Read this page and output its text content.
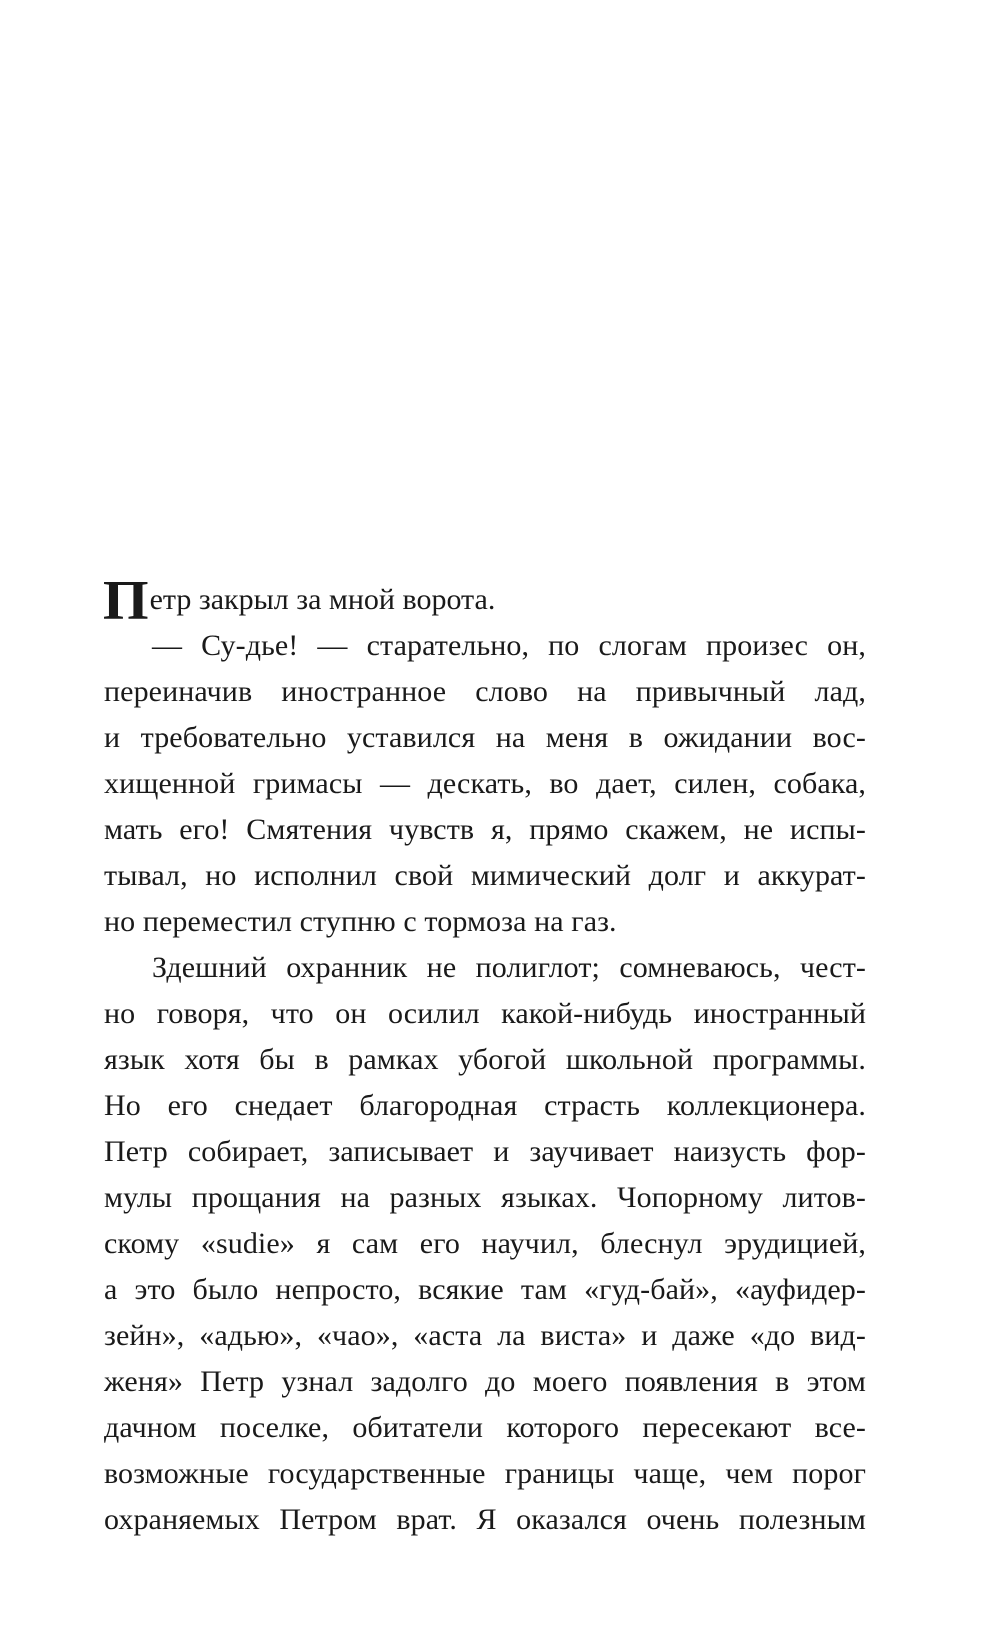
П етр закрыл за мной ворота.
— Су-дье! — старательно, по слогам произес он,
переиначив иностранное слово на привычный лад,
и требовательно уставился на меня в ожидании вос-
хищенной гримасы — дескать, во дает, силен, собака,
мать его! Смятения чувств я, прямо скажем, не испы-
тывал, но исполнил свой мимический долг и аккурат-
но переместил ступню с тормоза на газ.
Здешний охранник не полиглот; сомневаюсь, чест-
но говоря, что он осилил какой-нибудь иностранный
язык хотя бы в рамках убогой школьной программы.
Но его снедает благородная страсть коллекционера.
Петр собирает, записывает и заучивает наизусть фор-
мулы прощания на разных языках. Чопорному литов-
скому «sudie» я сам его научил, блеснул эрудицией,
а это было непросто, всякие там «гуд-бай», «ауфидер-
зейн», «адью», «чао», «аста ла виста» и даже «до вид-
женя» Петр узнал задолго до моего появления в этом
дачном поселке, обитатели которого пересекают все-
возможные государственные границы чаще, чем порог
охраняемых Петром врат. Я оказался очень полезным
